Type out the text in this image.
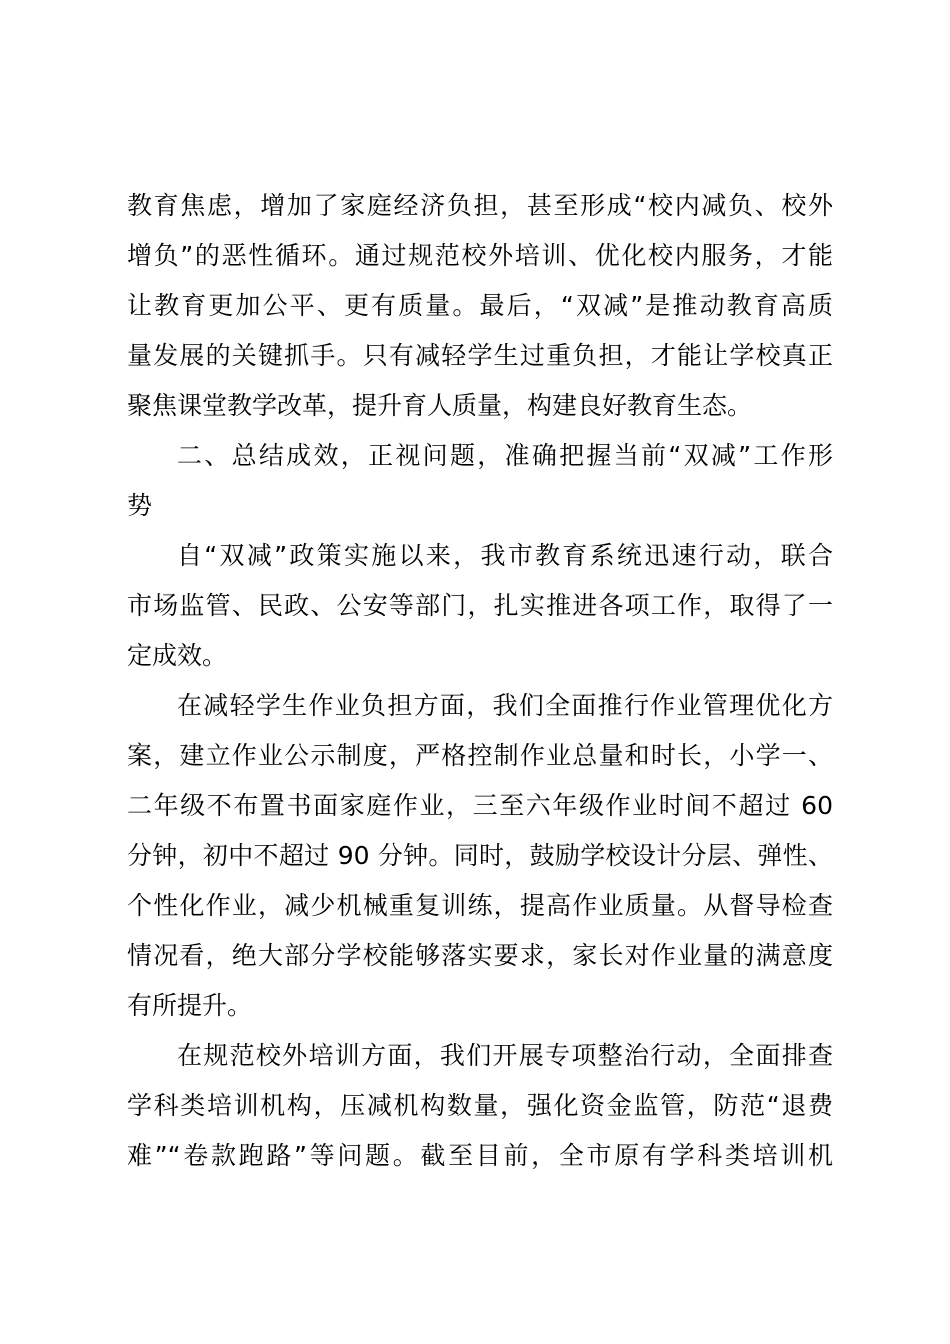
教育焦虑，增加了家庭经济负担，甚至形成“校内减负、校外
增负”的恶性循环。通过规范校外培训、优化校内服务，才能
让教育更加公平、更有质量。最后，“双减”是推动教育高质
量发展的关键抓手。只有减轻学生过重负担，才能让学校真正
聚焦课堂教学改革，提升育人质量，构建良好教育生态。
二、总结成效，正视问题，准确把握当前“双减”工作形
势
自“双减”政策实施以来，我市教育系统迅速行动，联合
市场监管、民政、公安等部门，扎实推进各项工作，取得了一
定成效。
在减轻学生作业负担方面，我们全面推行作业管理优化方
案，建立作业公示制度，严格控制作业总量和时长，小学一、
二年级不布置书面家庭作业，三至六年级作业时间不超过 60
分钟，初中不超过 90 分钟。同时，鼓励学校设计分层、弹性、
个性化作业，减少机械重复训练，提高作业质量。从督导检查
情况看，绝大部分学校能够落实要求，家长对作业量的满意度
有所提升。
在规范校外培训方面，我们开展专项整治行动，全面排查
学科类培训机构，压减机构数量，强化资金监管，防范“退费
难”“卷款跑路”等问题。截至目前，全市原有学科类培训机
